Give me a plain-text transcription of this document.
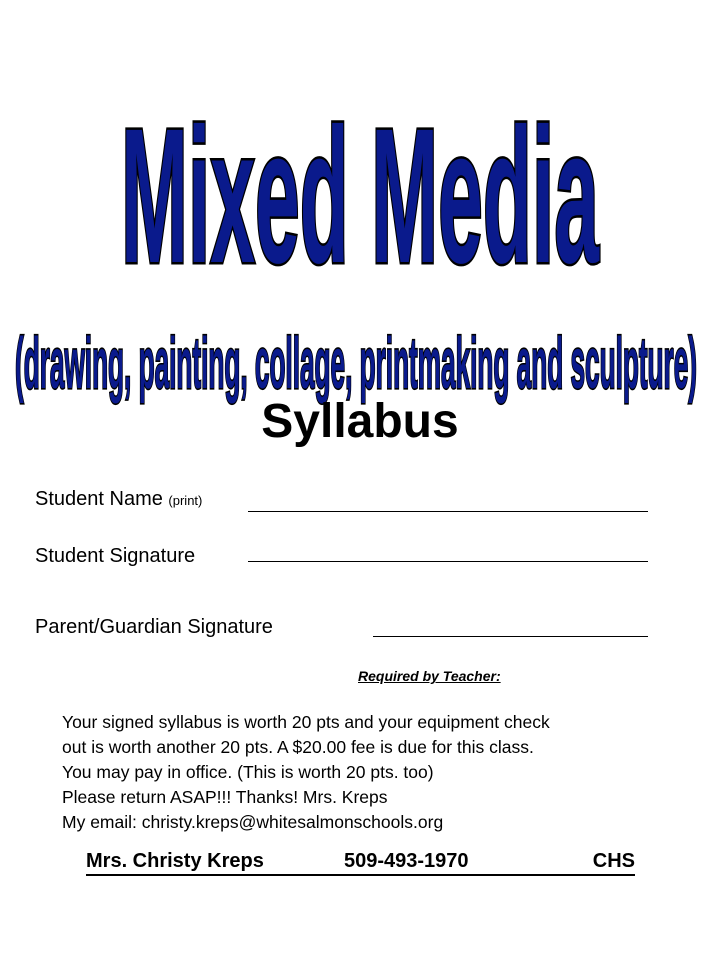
Mixed Media
(drawing, painting, collage, printmaking and sculpture)
Syllabus
Student Name (print)
Student Signature
Parent/Guardian Signature
Required by Teacher:
Your signed syllabus is worth 20 pts and your equipment check
out is worth another 20 pts. A $20.00 fee is due for this class.
You may pay in office. (This is worth 20 pts. too)
Please return ASAP!!! Thanks! Mrs. Kreps
My email: christy.kreps@whitesalmonschools.org
Mrs. Christy Kreps	509-493-1970	CHS
